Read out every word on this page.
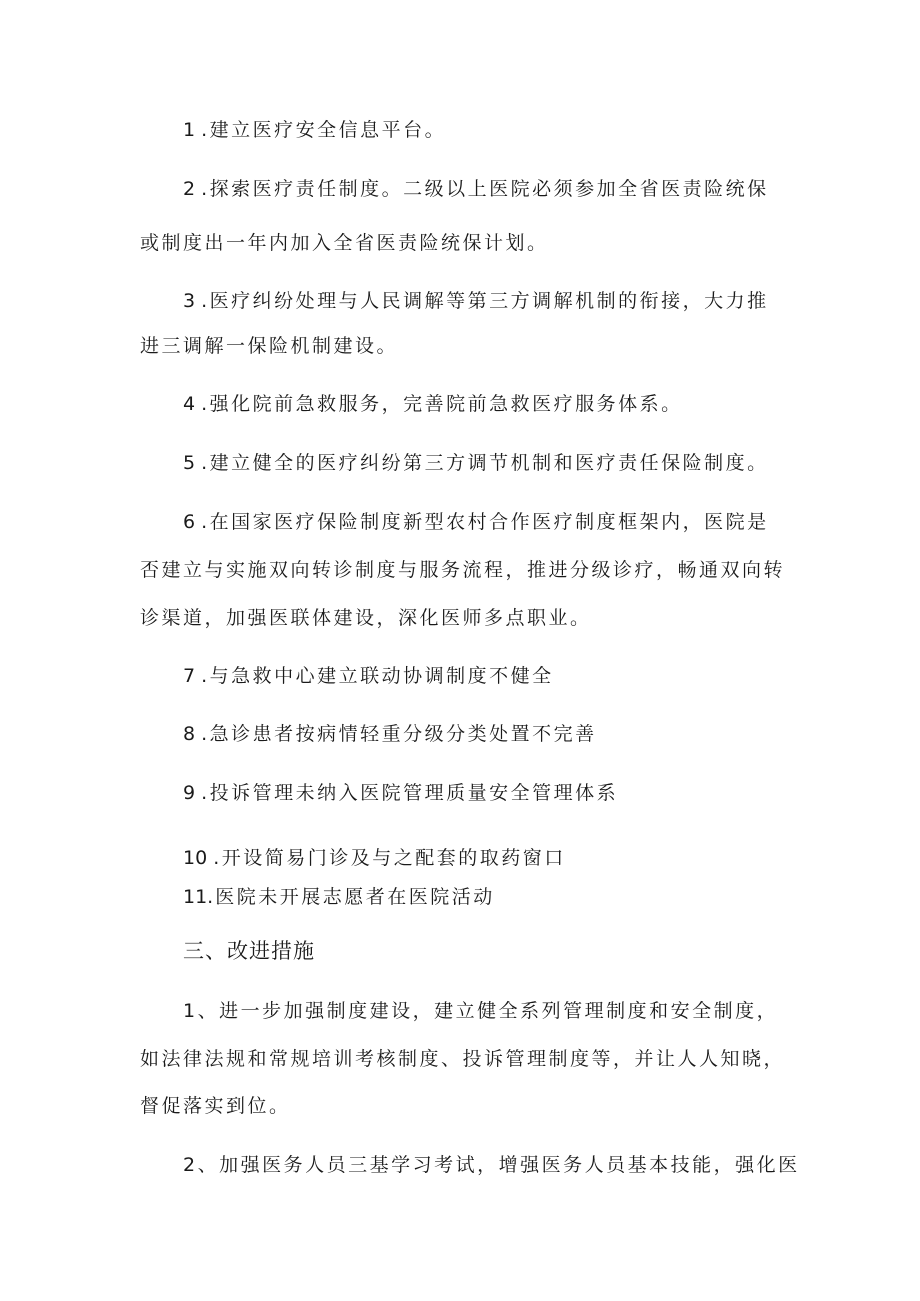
1 .建立医疗安全信息平台。
2 .探索医疗责任制度。二级以上医院必须参加全省医责险统保
或制度出一年内加入全省医责险统保计划。
3 .医疗纠纷处理与人民调解等第三方调解机制的衔接，大力推
进三调解一保险机制建设。
4 .强化院前急救服务，完善院前急救医疗服务体系。
5 .建立健全的医疗纠纷第三方调节机制和医疗责任保险制度。
6 .在国家医疗保险制度新型农村合作医疗制度框架内，医院是
否建立与实施双向转诊制度与服务流程，推进分级诊疗，畅通双向转
诊渠道，加强医联体建设，深化医师多点职业。
7 .与急救中心建立联动协调制度不健全
8 .急诊患者按病情轻重分级分类处置不完善
9 .投诉管理未纳入医院管理质量安全管理体系
10 .开设简易门诊及与之配套的取药窗口
11. 医院未开展志愿者在医院活动
三、改进措施
1、进一步加强制度建设，建立健全系列管理制度和安全制度，
如法律法规和常规培训考核制度、投诉管理制度等，并让人人知晓，
督促落实到位。
2、加强医务人员三基学习考试，增强医务人员基本技能，强化医
